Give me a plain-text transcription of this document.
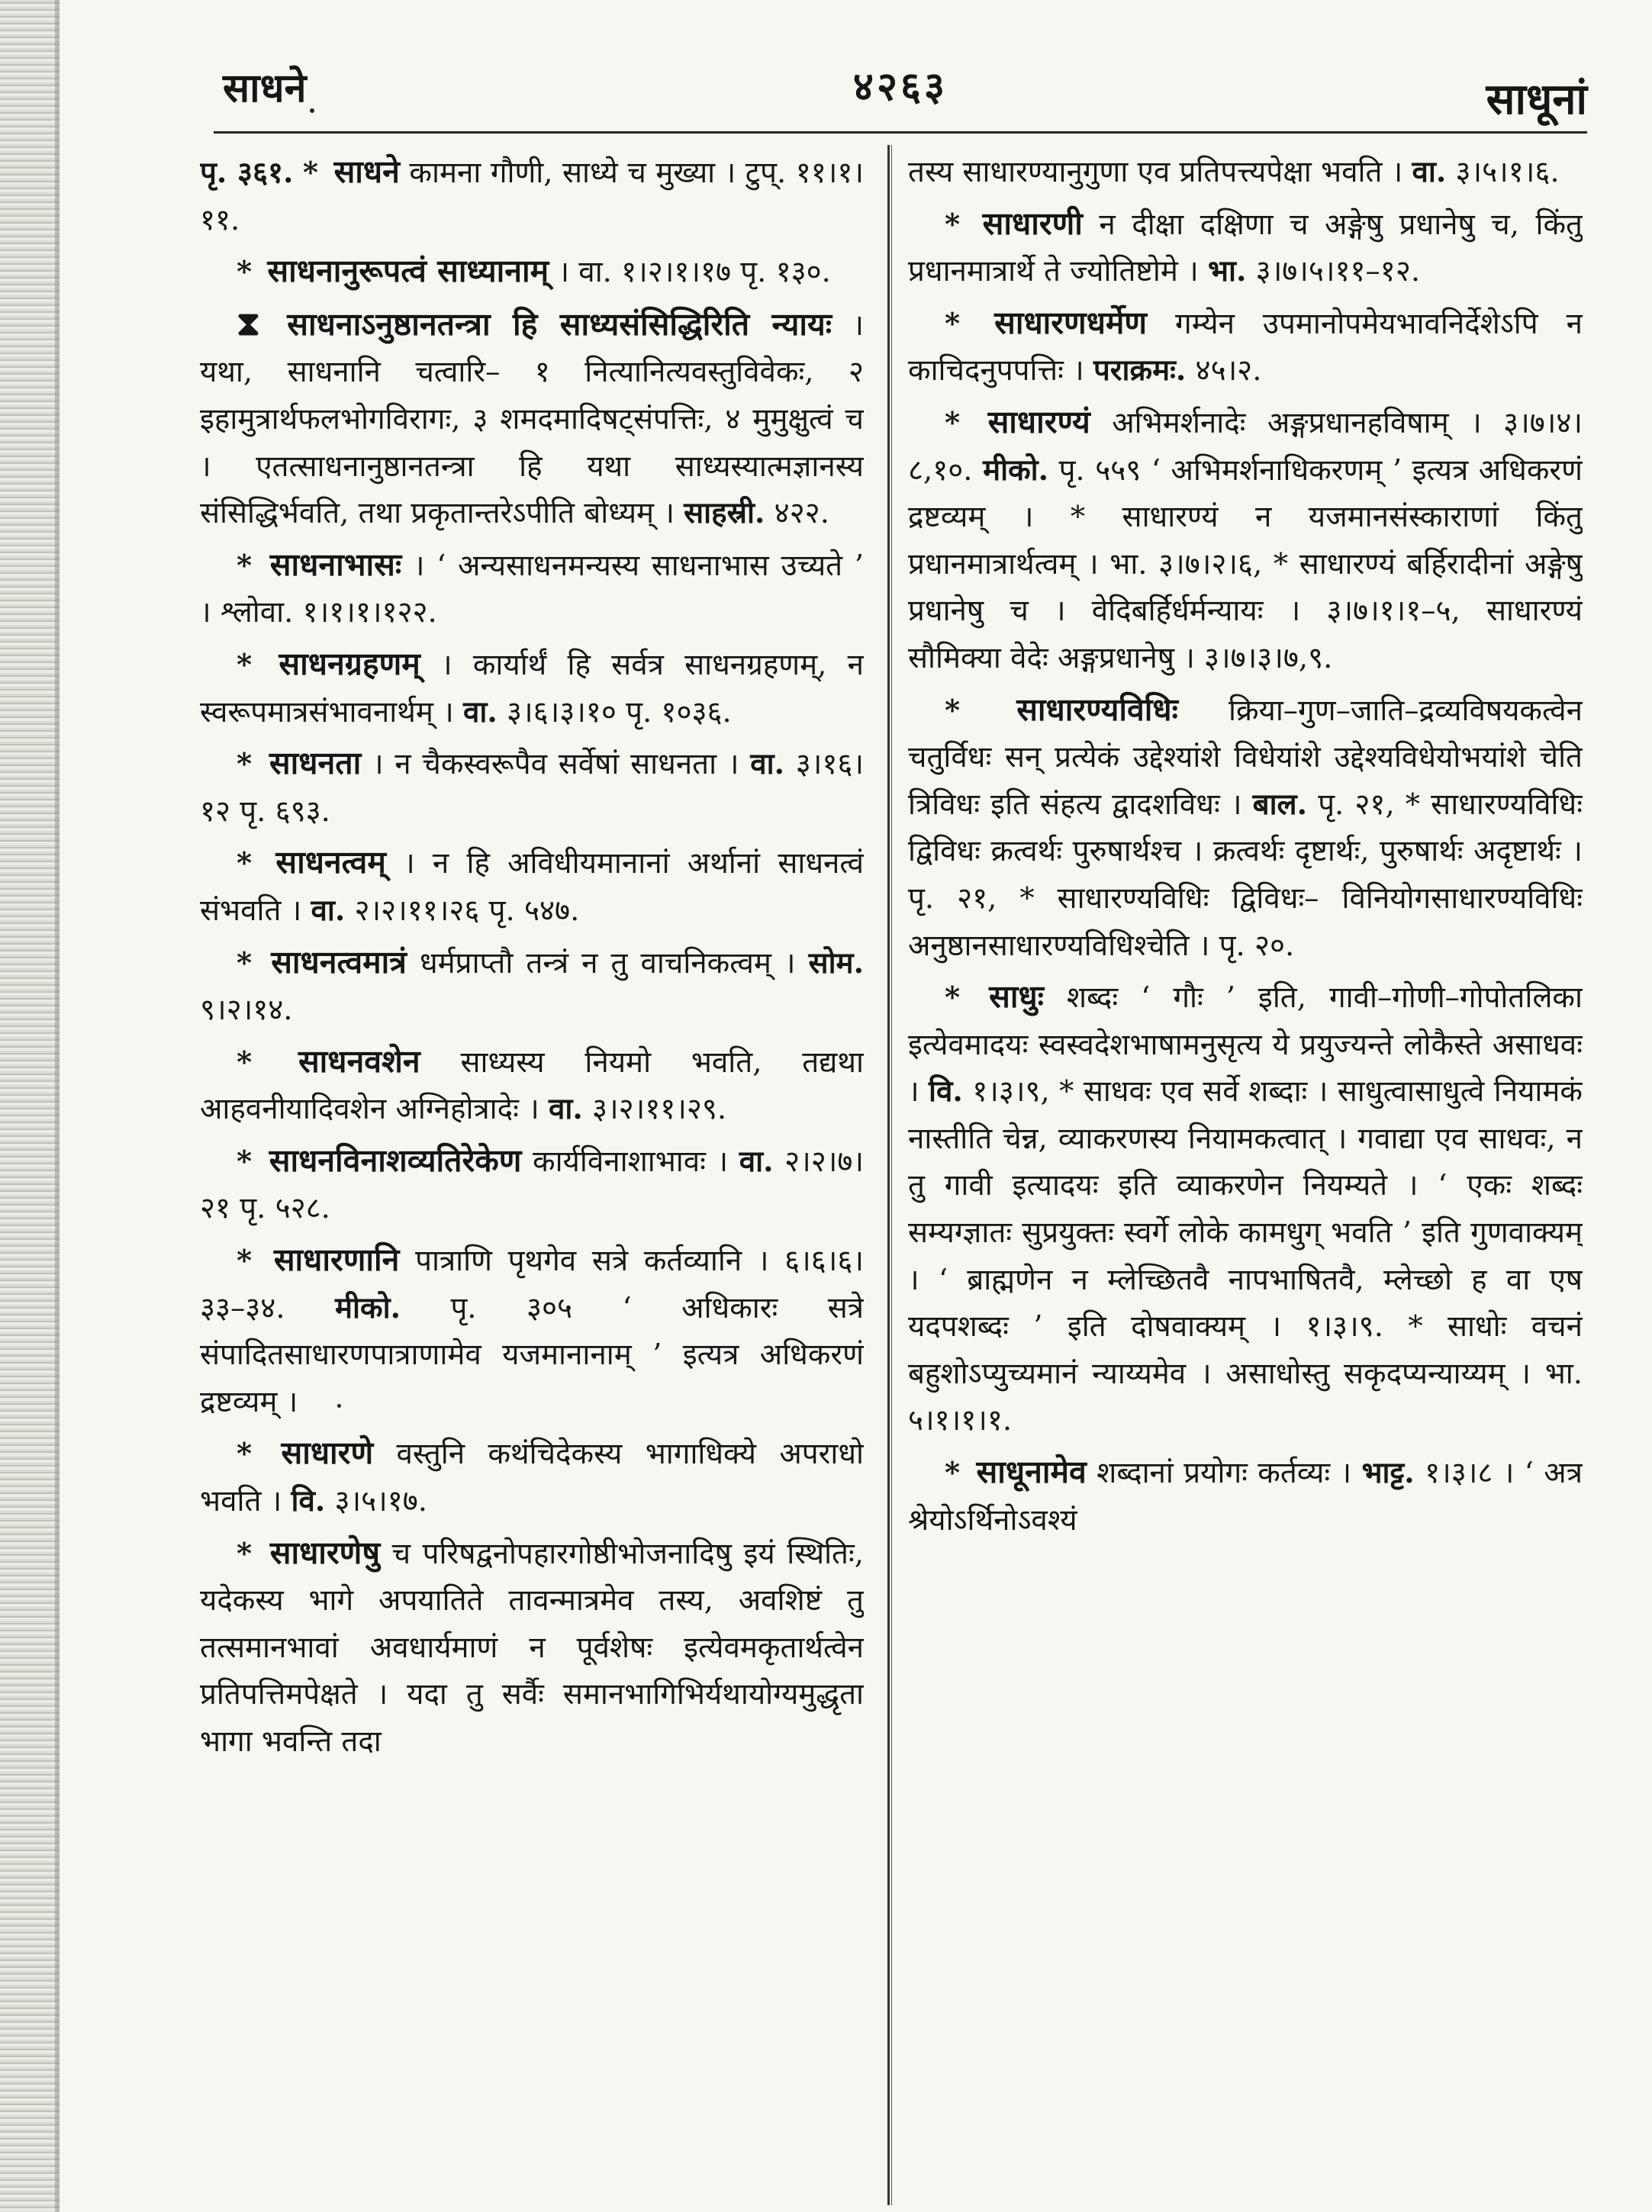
साधने	४२६३	साधूनां

पृ. ३६१. * साधने कामना गौणी, साध्ये च मुख्या । टुप्. ११।१।११.

* साधनानुरूपत्वं साध्यानाम् । वा. १।२।१।१७ पृ. १३०.

⧗ साधनाऽनुष्ठानतन्त्रा हि साध्यसंसिद्धिरिति न्यायः । यथा, साधनानि चत्वारि– १ नित्यानित्यवस्तुविवेकः, २ इहामुत्रार्थफलभोगविरागः, ३ शमदमादिषट्संपत्तिः, ४ मुमुक्षुत्वं च । एतत्साधनानुष्ठानतन्त्रा हि यथा साध्यस्यात्मज्ञानस्य संसिद्धिर्भवति, तथा प्रकृतान्तरेऽपीति बोध्यम् । साहस्री. ४२२.

* साधनाभासः । ‘ अन्यसाधनमन्यस्य साधनाभास उच्यते ’ । श्लोवा. १।१।१।१२२.

* साधनग्रहणम् । कार्यार्थं हि सर्वत्र साधनग्रहणम्, न स्वरूपमात्रसंभावनार्थम् । वा. ३।६।३।१० पृ. १०३६.

* साधनता । न चैकस्वरूपैव सर्वेषां साधनता । वा. ३।१६।१२ पृ. ६९३.

* साधनत्वम् । न हि अविधीयमानानां अर्थानां साधनत्वं संभवति । वा. २।२।११।२६ पृ. ५४७.

* साधनत्वमात्रं धर्मप्राप्तौ तन्त्रं न तु वाचनिकत्वम् । सोम. ९।२।१४.

* साधनवशेन साध्यस्य नियमो भवति, तद्यथा आहवनीयादिवशेन अग्निहोत्रादेः । वा. ३।२।११।२९.

* साधनविनाशव्यतिरेकेण कार्यविनाशाभावः । वा. २।२।७।२१ पृ. ५२८.

* साधारणानि पात्राणि पृथगेव सत्रे कर्तव्यानि । ६।६।६।३३–३४. मीको. पृ. ३०५ ‘ अधिकारः सत्रे संपादितसाधारणपात्राणामेव यजमानानाम् ’ इत्यत्र अधिकरणं द्रष्टव्यम् ।

* साधारणे वस्तुनि कथंचिदेकस्य भागाधिक्ये अपराधो भवति । वि. ३।५।१७.

* साधारणेषु च परिषद्वनोपहारगोष्ठीभोजनादिषु इयं स्थितिः, यदेकस्य भागे अपयातिते तावन्मात्रमेव तस्य, अवशिष्टं तु तत्समानभावां अवधार्यमाणं न पूर्वशेषः इत्येवमकृतार्थत्वेन प्रतिपत्तिमपेक्षते । यदा तु सर्वैः समानभागिभिर्यथायोग्यमुद्धृता भागा भवन्ति तदा

तस्य साधारण्यानुगुणा एव प्रतिपत्त्यपेक्षा भवति । वा. ३।५।१।६.

* साधारणी न दीक्षा दक्षिणा च अङ्गेषु प्रधानेषु च, किंतु प्रधानमात्रार्थे ते ज्योतिष्टोमे । भा. ३।७।५।११–१२.

* साधारणधर्मेण गम्येन उपमानोपमेयभावनिर्देशेऽपि न काचिदनुपपत्तिः । पराक्रमः. ४५।२.

* साधारण्यं अभिमर्शनादेः अङ्गप्रधानहविषाम् । ३।७।४।८,१०. मीको. पृ. ५५९ ‘ अभिमर्शनाधिकरणम् ’ इत्यत्र अधिकरणं द्रष्टव्यम् । * साधारण्यं न यजमानसंस्काराणां किंतु प्रधानमात्रार्थत्वम् । भा. ३।७।२।६, * साधारण्यं बर्हिरादीनां अङ्गेषु प्रधानेषु च । वेदिबर्हिर्धर्मन्यायः । ३।७।१।१–५, साधारण्यं सौमिक्या वेदेः अङ्गप्रधानेषु । ३।७।३।७,९.

* साधारण्यविधिः क्रिया–गुण–जाति–द्रव्यविषयकत्वेन चतुर्विधः सन् प्रत्येकं उद्देश्यांशे विधेयांशे उद्देश्यविधेयोभयांशे चेति त्रिविधः इति संहत्य द्वादशविधः । बाल. पृ. २१, * साधारण्यविधिः द्विविधः क्रत्वर्थः पुरुषार्थश्च । क्रत्वर्थः दृष्टार्थः, पुरुषार्थः अदृष्टार्थः । पृ. २१, * साधारण्यविधिः द्विविधः– विनियोगसाधारण्यविधिः अनुष्ठानसाधारण्यविधिश्चेति । पृ. २०.

* साधुः शब्दः ‘ गौः ’ इति, गावी–गोणी–गोपोतलिका इत्येवमादयः स्वस्वदेशभाषामनुसृत्य ये प्रयुज्यन्ते लोकैस्ते असाधवः । वि. १।३।९, * साधवः एव सर्वे शब्दाः । साधुत्वासाधुत्वे नियामकं नास्तीति चेन्न, व्याकरणस्य नियामकत्वात् । गवाद्या एव साधवः, न तु गावी इत्यादयः इति व्याकरणेन नियम्यते । ‘ एकः शब्दः सम्यग्ज्ञातः सुप्रयुक्तः स्वर्गे लोके कामधुग् भवति ’ इति गुणवाक्यम् । ‘ ब्राह्मणेन न म्लेच्छितवै नापभाषितवै, म्लेच्छो ह वा एष यदपशब्दः ’ इति दोषवाक्यम् । १।३।९. * साधोः वचनं बहुशोऽप्युच्यमानं न्याय्यमेव । असाधोस्तु सकृदप्यन्याय्यम् । भा. ५।१।१।१.

* साधूनामेव शब्दानां प्रयोगः कर्तव्यः । भाट्ट. १।३।८ । ‘ अत्र श्रेयोऽर्थिनोऽवश्यं
